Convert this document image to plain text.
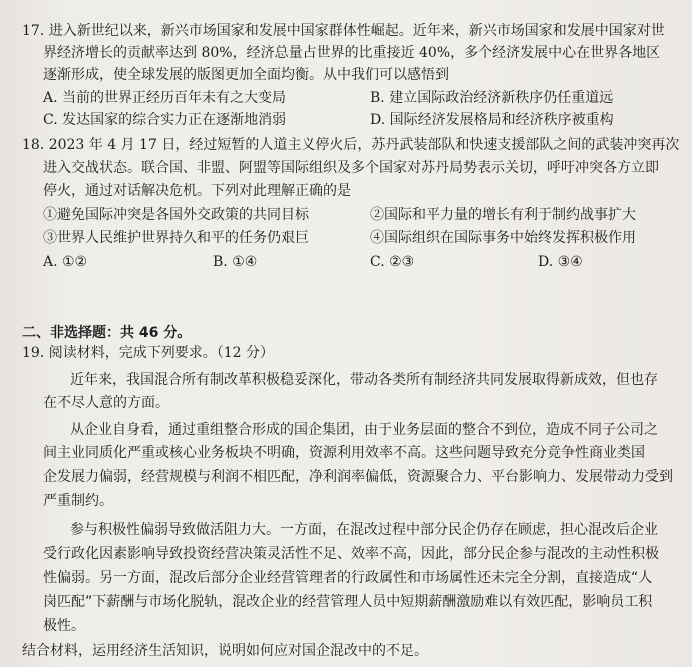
17. 进入新世纪以来，新兴市场国家和发展中国家群体性崛起。近年来，新兴市场国家和发展中国家对世
界经济增长的贡献率达到 80%，经济总量占世界的比重接近 40%，多个经济发展中心在世界各地区
逐渐形成，使全球发展的版图更加全面均衡。从中我们可以感悟到
A. 当前的世界正经历百年未有之大变局	B. 建立国际政治经济新秩序仍任重道远
C. 发达国家的综合实力正在逐渐地消弱	D. 国际经济发展格局和经济秩序被重构
18. 2023 年 4 月 17 日，经过短暂的人道主义停火后，苏丹武装部队和快速支援部队之间的武装冲突再次
进入交战状态。联合国、非盟、阿盟等国际组织及多个国家对苏丹局势表示关切，呼吁冲突各方立即
停火，通过对话解决危机。下列对此理解正确的是
①避免国际冲突是各国外交政策的共同目标	②国际和平力量的增长有利于制约战事扩大
③世界人民维护世界持久和平的任务仍艰巨	④国际组织在国际事务中始终发挥积极作用
A. ①②	B. ①④	C. ②③	D. ③④
二、非选择题：共 46 分。
19. 阅读材料，完成下列要求。（12 分）
近年来，我国混合所有制改革积极稳妥深化，带动各类所有制经济共同发展取得新成效，但也存
在不尽人意的方面。
从企业自身看，通过重组整合形成的国企集团，由于业务层面的整合不到位，造成不同子公司之
间主业同质化严重或核心业务板块不明确，资源利用效率不高。这些问题导致充分竞争性商业类国
企发展力偏弱，经营规模与利润不相匹配，净利润率偏低，资源聚合力、平台影响力、发展带动力受到
严重制约。
参与积极性偏弱导致做活阻力大。一方面，在混改过程中部分民企仍存在顾虑，担心混改后企业
受行政化因素影响导致投资经营决策灵活性不足、效率不高，因此，部分民企参与混改的主动性积极
性偏弱。另一方面，混改后部分企业经营管理者的行政属性和市场属性还未完全分割，直接造成“人
岗匹配”下薪酬与市场化脱轨，混改企业的经营管理人员中短期薪酬激励难以有效匹配，影响员工积
极性。
结合材料，运用经济生活知识，说明如何应对国企混改中的不足。
